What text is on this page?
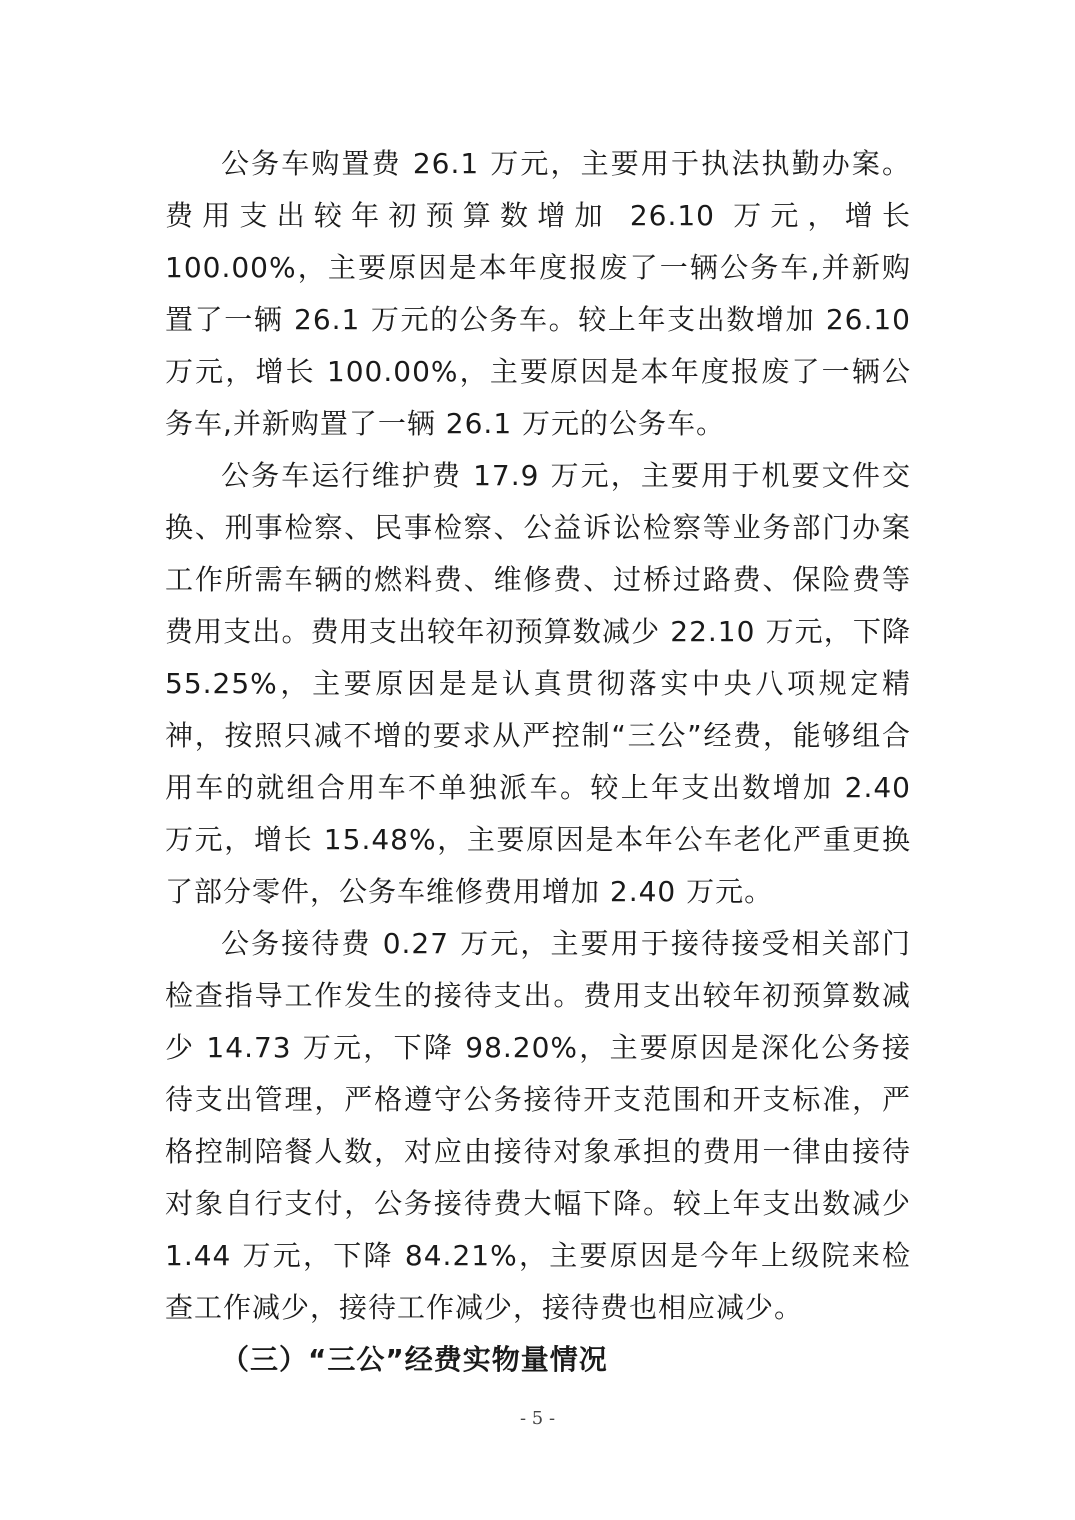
公务车购置费 26.1 万元，主要用于执法执勤办案。费用支出较年初预算数增加 26.10 万元，增长 100.00%，主要原因是本年度报废了一辆公务车,并新购置了一辆 26.1 万元的公务车。较上年支出数增加 26.10 万元，增长 100.00%，主要原因是本年度报废了一辆公务车,并新购置了一辆 26.1 万元的公务车。

公务车运行维护费 17.9 万元，主要用于机要文件交换、刑事检察、民事检察、公益诉讼检察等业务部门办案工作所需车辆的燃料费、维修费、过桥过路费、保险费等费用支出。费用支出较年初预算数减少 22.10 万元，下降 55.25%，主要原因是是认真贯彻落实中央八项规定精神，按照只减不增的要求从严控制“三公”经费，能够组合用车的就组合用车不单独派车。较上年支出数增加 2.40 万元，增长 15.48%，主要原因是本年公车老化严重更换了部分零件，公务车维修费用增加 2.40 万元。

公务接待费 0.27 万元，主要用于接待接受相关部门检查指导工作发生的接待支出。费用支出较年初预算数减少 14.73 万元，下降 98.20%，主要原因是深化公务接待支出管理，严格遵守公务接待开支范围和开支标准，严格控制陪餐人数，对应由接待对象承担的费用一律由接待对象自行支付，公务接待费大幅下降。较上年支出数减少 1.44 万元，下降 84.21%，主要原因是今年上级院来检查工作减少，接待工作减少，接待费也相应减少。

（三）“三公”经费实物量情况

- 5 -
